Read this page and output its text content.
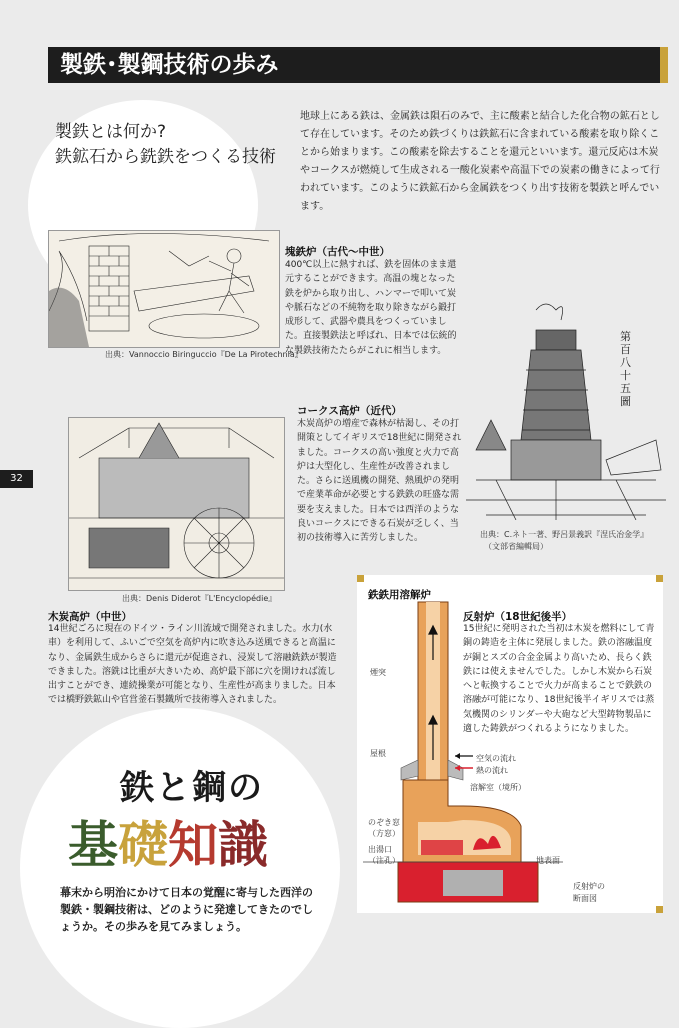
製鉄･製鋼技術の歩み
製鉄とは何か?
鉄鉱石から銑鉄をつくる技術
地球上にある鉄は、金属鉄は隕石のみで、主に酸素と結合した化合物の鉱石として存在しています。そのため鉄づくりは鉄鉱石に含まれている酸素を取り除くことから始まります。この酸素を除去することを還元といいます。還元反応は木炭やコークスが燃焼して生成される一酸化炭素や高温下での炭素の働きによって行われています。このように鉄鉱石から金属鉄をつくり出す技術を製鉄と呼んでいます。
出典：Vannoccio Biringuccio『De La Pirotechnia』
塊鉄炉（古代〜中世）
400℃以上に熱すれば、鉄を固体のまま還元することができます。高温の塊となった鉄を炉から取り出し、ハンマーで叩いて炭や脈石などの不純物を取り除きながら鍛打成形して、武器や農具をつくっていました。直接製鉄法と呼ばれ、日本では伝統的な製鉄技術たたらがこれに相当します。
第百八十五圖
出典：C.ネト一著、野呂景義訳『涅氏冶金学』
（文部省編輯局）
コークス高炉（近代）
木炭高炉の増産で森林が枯渇し、その打開策としてイギリスで18世紀に開発されました。コークスの高い強度と火力で高炉は大型化し、生産性が改善されました。さらに送風機の開発、熱風炉の発明で産業革命が必要とする鉄鉄の旺盛な需要を支えました。日本では西洋のような良いコークスにできる石炭が乏しく、当初の技術導入に苦労しました。
32
出典：Denis Diderot『L'Encyclopédie』
木炭高炉（中世）
14世紀ごろに現在のドイツ・ライン川流域で開発されました。水力(水車）を利用して、ふいごで空気を高炉内に吹き込み送風できると高温になり、金属鉄生成からさらに還元が促進され、浸炭して溶融銑鉄が製造できました。溶銑は比重が大きいため、高炉最下部に穴を開ければ流し出すことができ、連続操業が可能となり、生産性が高まりました。日本では橋野鉄鉱山や官営釜石製鐵所で技術導入されました。
鉄鉄用溶解炉
煙突
屋根
空気の流れ
熱の流れ
溶解室（境所）
のぞき窓
（方窓）
出湯口
（注孔）	地表面
反射炉の
断面図
反射炉（18世紀後半）
15世紀に発明された当初は木炭を燃料にして青銅の鋳造を主体に発展しました。鉄の溶融温度が銅とスズの合金金属より高いため、長らく鉄鉄には使えませんでした。しかし木炭から石炭へと転換することで火力が高まることで鉄鉄の溶融が可能になり、18世紀後半イギリスでは蒸気機関のシリンダーや大砲など大型鋳物製品に適した鋳鉄がつくれるようになりました。
鉄と鋼の
基礎知識
幕末から明治にかけて日本の覚醒に寄与した西洋の製鉄・製鋼技術は、どのように発達してきたのでしょうか。その歩みを見てみましょう。
